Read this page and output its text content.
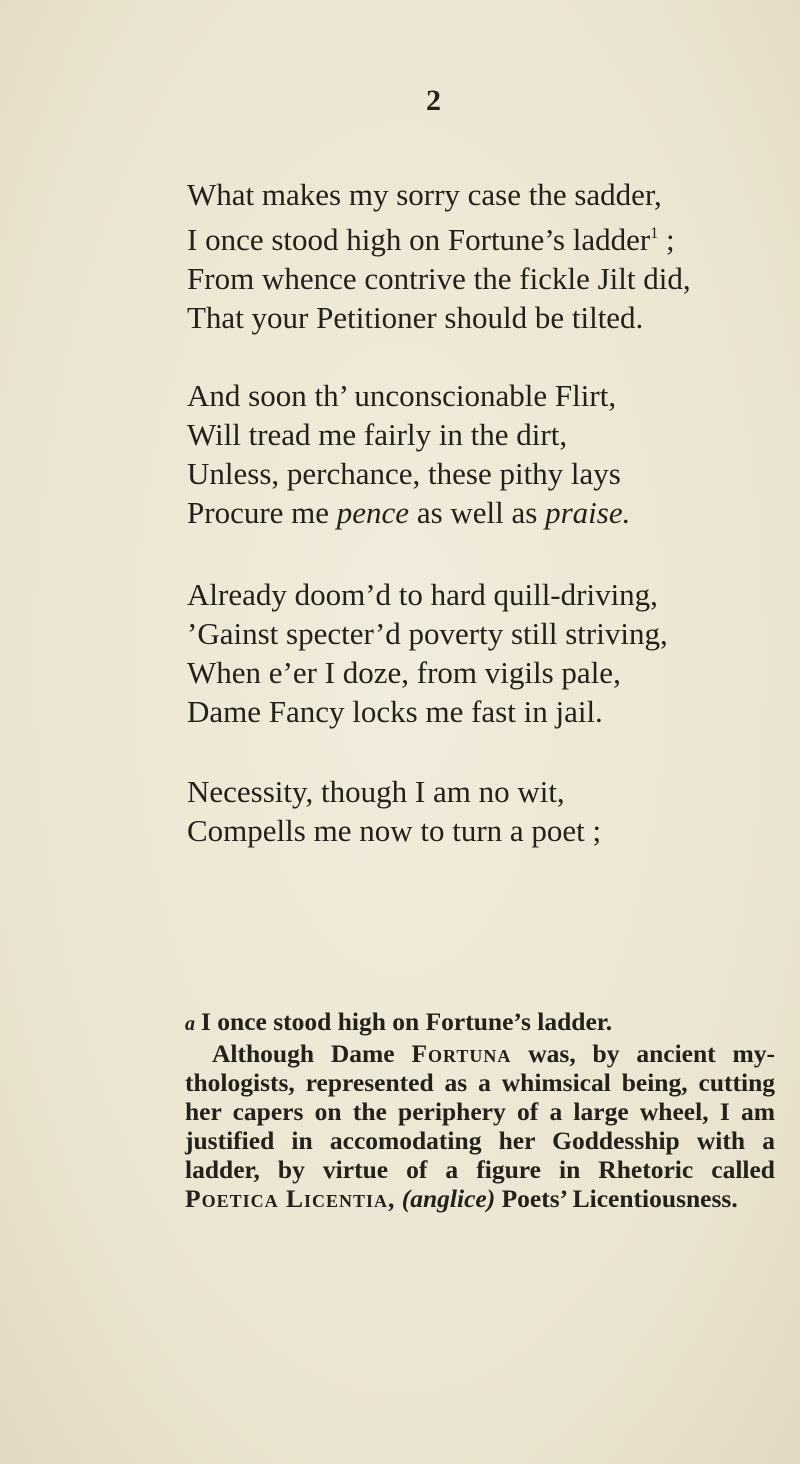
2
What makes my sorry case the sadder,
I once stood high on Fortune’s ladder$^1$ ;
From whence contrive the fickle Jilt did,
That your Petitioner should be tilted.
And soon th’ unconscionable Flirt,
Will tread me fairly in the dirt,
Unless, perchance, these pithy lays
Procure me pence as well as praise.
Already doom’d to hard quill-driving,
’Gainst specter’d poverty still striving,
When e’er I doze, from vigils pale,
Dame Fancy locks me fast in jail.
Necessity, though I am no wit,
Compells me now to turn a poet ;
a I once stood high on Fortune’s ladder.

Although Dame Fortuna was, by ancient mythologists, represented as a whimsical being, cutting her capers on the periphery of a large wheel, I am justified in accomodating her Goddesship with a ladder, by virtue of a figure in Rhetoric called Poetica Licentia, (anglice) Poets’ Licentiousness.
